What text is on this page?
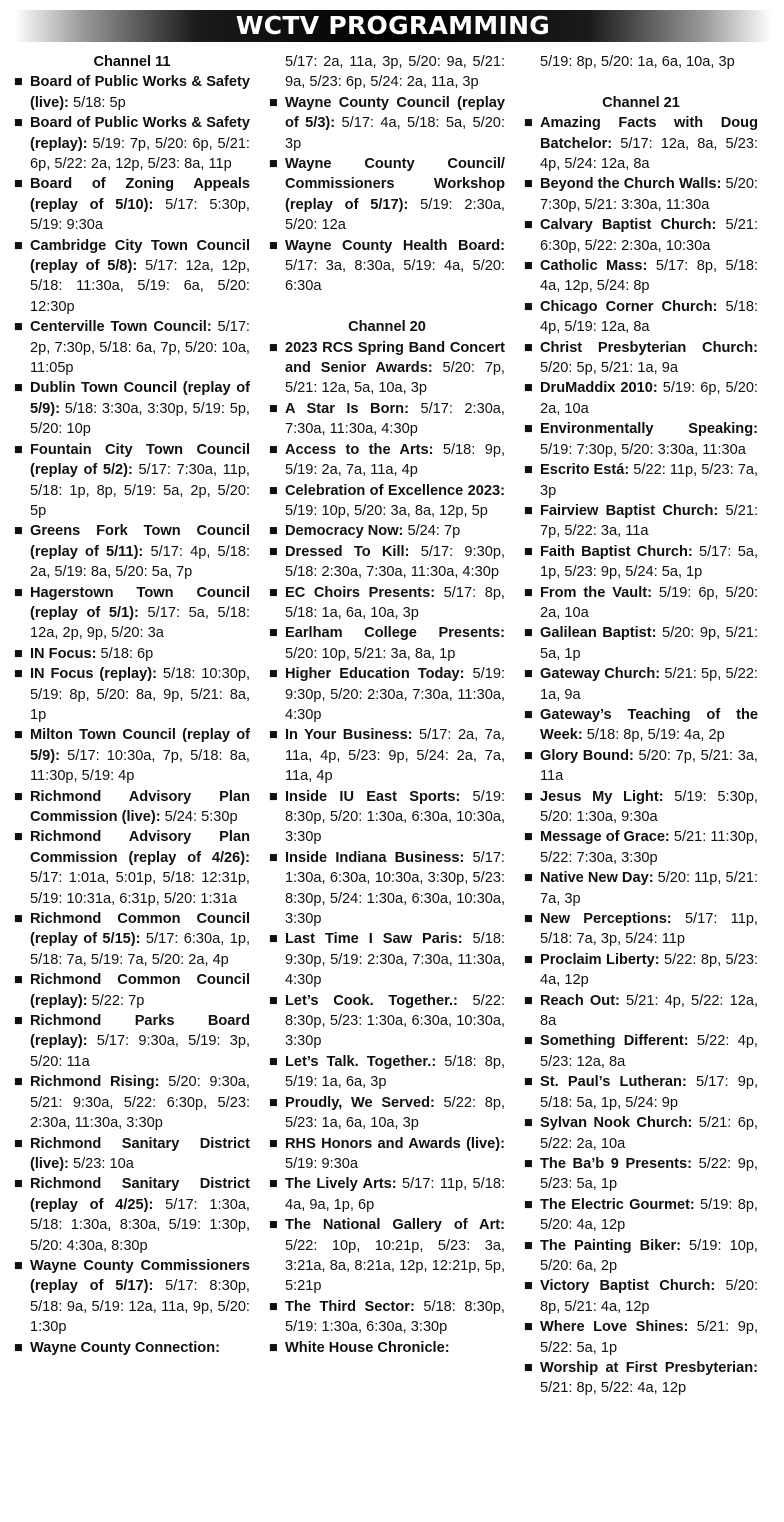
WCTV PROGRAMMING
Channel 11
■ Board of Public Works & Safety (live): 5/18: 5p
■ Board of Public Works & Safety (replay): 5/19: 7p, 5/20: 6p, 5/21: 6p, 5/22: 2a, 12p, 5/23: 8a, 11p
■ Board of Zoning Appeals (replay of 5/10): 5/17: 5:30p, 5/19: 9:30a
■ Cambridge City Town Council (replay of 5/8): 5/17: 12a, 12p, 5/18: 11:30a, 5/19: 6a, 5/20: 12:30p
■ Centerville Town Council: 5/17: 2p, 7:30p, 5/18: 6a, 7p, 5/20: 10a, 11:05p
■ Dublin Town Council (replay of 5/9): 5/18: 3:30a, 3:30p, 5/19: 5p, 5/20: 10p
■ Fountain City Town Council (replay of 5/2): 5/17: 7:30a, 11p, 5/18: 1p, 8p, 5/19: 5a, 2p, 5/20: 5p
■ Greens Fork Town Council (replay of 5/11): 5/17: 4p, 5/18: 2a, 5/19: 8a, 5/20: 5a, 7p
■ Hagerstown Town Council (replay of 5/1): 5/17: 5a, 5/18: 12a, 2p, 9p, 5/20: 3a
■ IN Focus: 5/18: 6p
■ IN Focus (replay): 5/18: 10:30p, 5/19: 8p, 5/20: 8a, 9p, 5/21: 8a, 1p
■ Milton Town Council (replay of 5/9): 5/17: 10:30a, 7p, 5/18: 8a, 11:30p, 5/19: 4p
■ Richmond Advisory Plan Commission (live): 5/24: 5:30p
■ Richmond Advisory Plan Commission (replay of 4/26): 5/17: 1:01a, 5:01p, 5/18: 12:31p, 5/19: 10:31a, 6:31p, 5/20: 1:31a
■ Richmond Common Council (replay of 5/15): 5/17: 6:30a, 1p, 5/18: 7a, 5/19: 7a, 5/20: 2a, 4p
■ Richmond Common Council (replay): 5/22: 7p
■ Richmond Parks Board (replay): 5/17: 9:30a, 5/19: 3p, 5/20: 11a
■ Richmond Rising: 5/20: 9:30a, 5/21: 9:30a, 5/22: 6:30p, 5/23: 2:30a, 11:30a, 3:30p
■ Richmond Sanitary District (live): 5/23: 10a
■ Richmond Sanitary District (replay of 4/25): 5/17: 1:30a, 5/18: 1:30a, 8:30a, 5/19: 1:30p, 5/20: 4:30a, 8:30p
■ Wayne County Commissioners (replay of 5/17): 5/17: 8:30p, 5/18: 9a, 5/19: 12a, 11a, 9p, 5/20: 1:30p
■ Wayne County Connection:
5/17: 2a, 11a, 3p, 5/20: 9a, 5/21: 9a, 5/23: 6p, 5/24: 2a, 11a, 3p
■ Wayne County Council (replay of 5/3): 5/17: 4a, 5/18: 5a, 5/20: 3p
■ Wayne County Council/ Commissioners Workshop (replay of 5/17): 5/19: 2:30a, 5/20: 12a
■ Wayne County Health Board: 5/17: 3a, 8:30a, 5/19: 4a, 5/20: 6:30a
Channel 20
■ 2023 RCS Spring Band Concert and Senior Awards: 5/20: 7p, 5/21: 12a, 5a, 10a, 3p
■ A Star Is Born: 5/17: 2:30a, 7:30a, 11:30a, 4:30p
■ Access to the Arts: 5/18: 9p, 5/19: 2a, 7a, 11a, 4p
■ Celebration of Excellence 2023: 5/19: 10p, 5/20: 3a, 8a, 12p, 5p
■ Democracy Now: 5/24: 7p
■ Dressed To Kill: 5/17: 9:30p, 5/18: 2:30a, 7:30a, 11:30a, 4:30p
■ EC Choirs Presents: 5/17: 8p, 5/18: 1a, 6a, 10a, 3p
■ Earlham College Presents: 5/20: 10p, 5/21: 3a, 8a, 1p
■ Higher Education Today: 5/19: 9:30p, 5/20: 2:30a, 7:30a, 11:30a, 4:30p
■ In Your Business: 5/17: 2a, 7a, 11a, 4p, 5/23: 9p, 5/24: 2a, 7a, 11a, 4p
■ Inside IU East Sports: 5/19: 8:30p, 5/20: 1:30a, 6:30a, 10:30a, 3:30p
■ Inside Indiana Business: 5/17: 1:30a, 6:30a, 10:30a, 3:30p, 5/23: 8:30p, 5/24: 1:30a, 6:30a, 10:30a, 3:30p
■ Last Time I Saw Paris: 5/18: 9:30p, 5/19: 2:30a, 7:30a, 11:30a, 4:30p
■ Let’s Cook. Together.: 5/22: 8:30p, 5/23: 1:30a, 6:30a, 10:30a, 3:30p
■ Let’s Talk. Together.: 5/18: 8p, 5/19: 1a, 6a, 3p
■ Proudly, We Served: 5/22: 8p, 5/23: 1a, 6a, 10a, 3p
■ RHS Honors and Awards (live): 5/19: 9:30a
■ The Lively Arts: 5/17: 11p, 5/18: 4a, 9a, 1p, 6p
■ The National Gallery of Art: 5/22: 10p, 10:21p, 5/23: 3a, 3:21a, 8a, 8:21a, 12p, 12:21p, 5p, 5:21p
■ The Third Sector: 5/18: 8:30p, 5/19: 1:30a, 6:30a, 3:30p
■ White House Chronicle:
5/19: 8p, 5/20: 1a, 6a, 10a, 3p
Channel 21
■ Amazing Facts with Doug Batchelor: 5/17: 12a, 8a, 5/23: 4p, 5/24: 12a, 8a
■ Beyond the Church Walls: 5/20: 7:30p, 5/21: 3:30a, 11:30a
■ Calvary Baptist Church: 5/21: 6:30p, 5/22: 2:30a, 10:30a
■ Catholic Mass: 5/17: 8p, 5/18: 4a, 12p, 5/24: 8p
■ Chicago Corner Church: 5/18: 4p, 5/19: 12a, 8a
■ Christ Presbyterian Church: 5/20: 5p, 5/21: 1a, 9a
■ DruMaddix 2010: 5/19: 6p, 5/20: 2a, 10a
■ Environmentally Speaking: 5/19: 7:30p, 5/20: 3:30a, 11:30a
■ Escrito Está: 5/22: 11p, 5/23: 7a, 3p
■ Fairview Baptist Church: 5/21: 7p, 5/22: 3a, 11a
■ Faith Baptist Church: 5/17: 5a, 1p, 5/23: 9p, 5/24: 5a, 1p
■ From the Vault: 5/19: 6p, 5/20: 2a, 10a
■ Galilean Baptist: 5/20: 9p, 5/21: 5a, 1p
■ Gateway Church: 5/21: 5p, 5/22: 1a, 9a
■ Gateway’s Teaching of the Week: 5/18: 8p, 5/19: 4a, 2p
■ Glory Bound: 5/20: 7p, 5/21: 3a, 11a
■ Jesus My Light: 5/19: 5:30p, 5/20: 1:30a, 9:30a
■ Message of Grace: 5/21: 11:30p, 5/22: 7:30a, 3:30p
■ Native New Day: 5/20: 11p, 5/21: 7a, 3p
■ New Perceptions: 5/17: 11p, 5/18: 7a, 3p, 5/24: 11p
■ Proclaim Liberty: 5/22: 8p, 5/23: 4a, 12p
■ Reach Out: 5/21: 4p, 5/22: 12a, 8a
■ Something Different: 5/22: 4p, 5/23: 12a, 8a
■ St. Paul’s Lutheran: 5/17: 9p, 5/18: 5a, 1p, 5/24: 9p
■ Sylvan Nook Church: 5/21: 6p, 5/22: 2a, 10a
■ The Ba’b 9 Presents: 5/22: 9p, 5/23: 5a, 1p
■ The Electric Gourmet: 5/19: 8p, 5/20: 4a, 12p
■ The Painting Biker: 5/19: 10p, 5/20: 6a, 2p
■ Victory Baptist Church: 5/20: 8p, 5/21: 4a, 12p
■ Where Love Shines: 5/21: 9p, 5/22: 5a, 1p
■ Worship at First Presbyterian: 5/21: 8p, 5/22: 4a, 12p
